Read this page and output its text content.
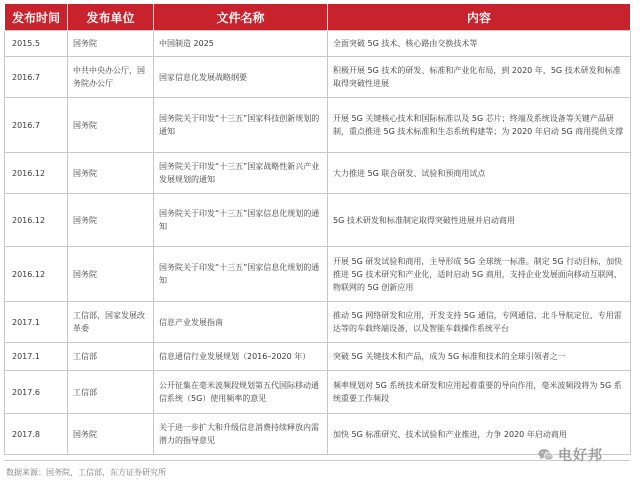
发布时间	发布单位	文件名称	内容
2015.5	国务院	中国制造 2025	全面突破 5G 技术、核心路由交换技术等
2016.7	中共中央办公厅，国务院办公厅	国家信息化发展战略纲要	积极开展 5G 技术的研发、标准和产业化布局，到 2020 年，5G 技术研发和标准取得突破性进展
2016.7	国务院	国务院关于印发“十三五”国家科技创新规划的通知	开展 5G 关键核心技术和国际标准以及 5G 芯片；终端及系统设备等关键产品研制，重点推进 5G 技术标准和生态系统构建等；为 2020 年启动 5G 商用提供支撑
2016.12	国务院	国务院关于印发“十三五”国家战略性新兴产业发展规划的通知	大力推进 5G 联合研发、试验和预商用试点
2016.12	国务院	国务院关于印发“十三五”国家信息化规划的通知	5G 技术研发和标准制定取得突破性进展并启动商用
2016.12	国务院	国务院关于印发“十三五”国家信息化规划的通知	开展 5G 研发试验和商用，主导形成 5G 全球统一标准。制定 5G 行动目标，加快推进 5G 技术研究和产业化，适时启动 5G 商用，支持企业发展面向移动互联网、物联网的 5G 创新应用
2017.1	工信部，国家发展改革委	信息产业发展指南	推动 5G 网络研发和应用，开发支持 5G 通信，专网通信、北斗导航定位、专用雷达等的车载终端设备，以及智能车载操作系统平台
2017.1	工信部	信息通信行业发展规划（2016–2020 年）	突破 5G 关键技术和产品，成为 5G 标准和技术的全球引领者之一
2017.6	工信部	公开征集在毫米波频段规划第五代国际移动通信系统（5G）使用频率的意见	频率规划对 5G 系统技术研发和应用起着重要的导向作用，毫米波频段将为 5G 系统重要工作频段
2017.8	国务院	关于进一步扩大和升级信息消费持续释放内需潜力的指导意见	加快 5G 标准研究、技术试验和产业推进，力争 2020 年启动商用
数据来源：国务院，工信部，东方证券研究所
电好邦
